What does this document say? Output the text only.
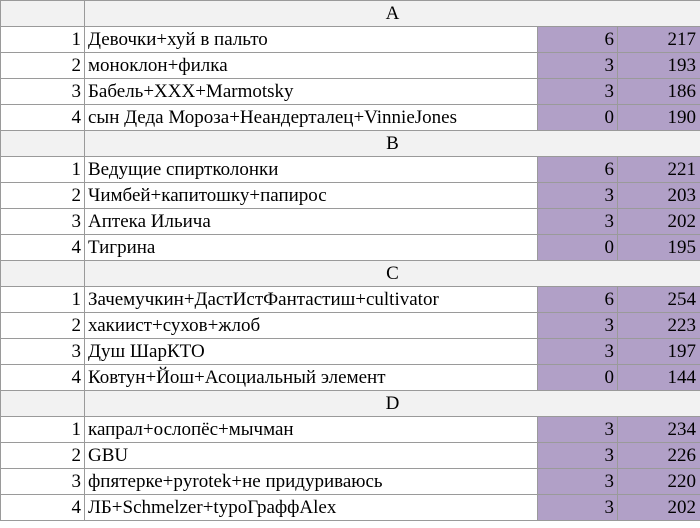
	A		
1	Девочки+хуй в пальто	6	217
2	моноклон+филка	3	193
3	Бабель+XXX+Marmotsky	3	186
4	сын Деда Мороза+Неандерталец+VinnieJones	0	190
	B		
1	Ведущие спиртколонки	6	221
2	Чимбей+капитошку+папирос	3	203
3	Аптека Ильича	3	202
4	Тигрина	0	195
	C		
1	Зачемучкин+ДастИстФантастиш+cultivator	6	254
2	хакиист+сухов+жлоб	3	223
3	Душ ШарКТО	3	197
4	Ковтун+Йош+Асоциальный элемент	0	144
	D		
1	капрал+ослопёс+мычман	3	234
2	GBU	3	226
3	фпятерке+pyrotek+не придуриваюсь	3	220
4	ЛБ+Schmelzer+typoГраффAlex	3	202
